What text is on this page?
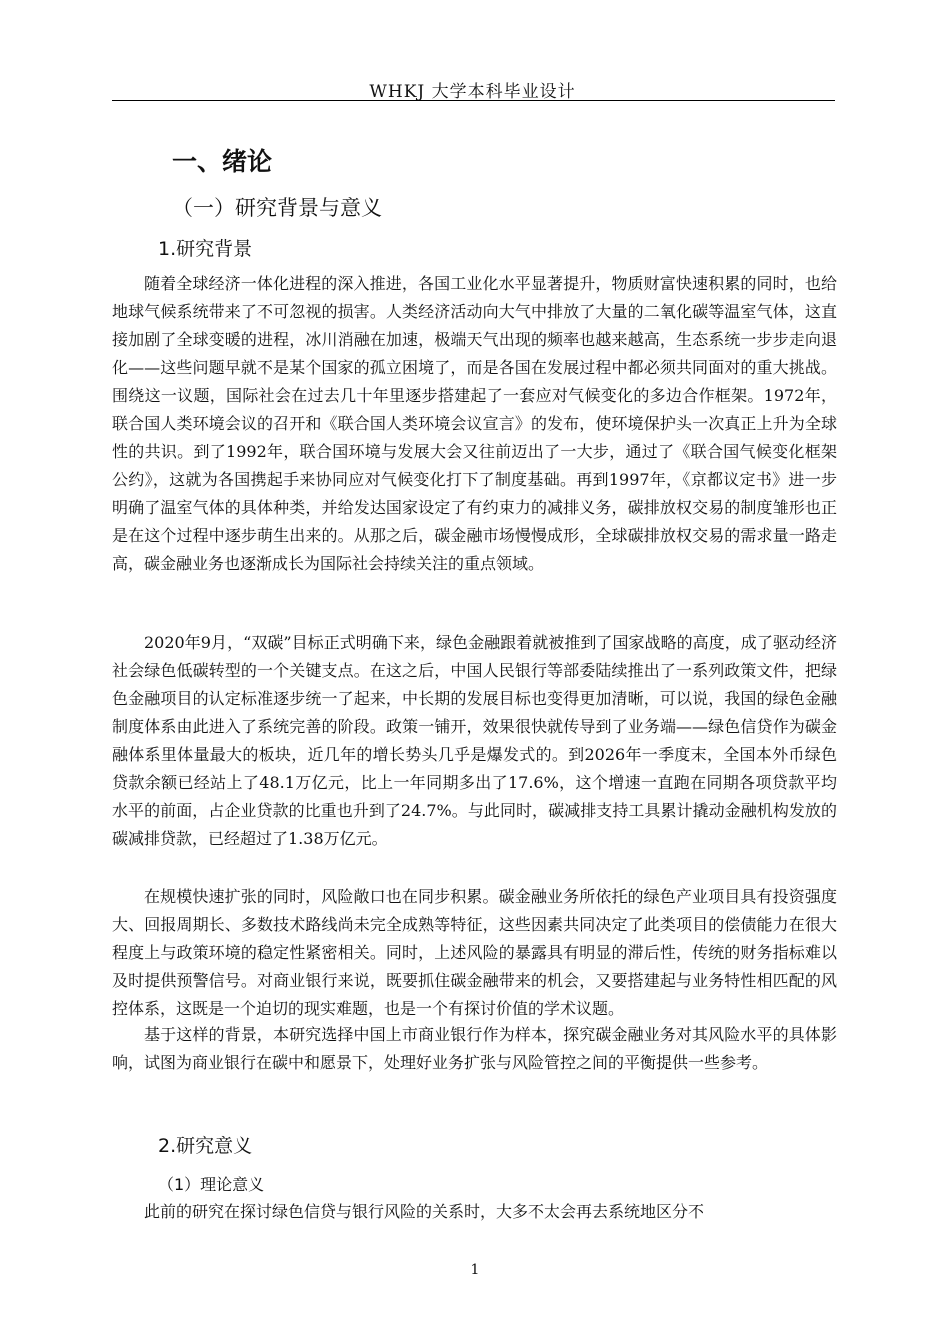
WHKJ 大学本科毕业设计
一、绪论
（一）研究背景与意义
1.研究背景

随着全球经济一体化进程的深入推进，各国工业化水平显著提升，物质财富快速积累的同时，也给地球气候系统带来了不可忽视的损害。人类经济活动向大气中排放了大量的二氧化碳等温室气体，这直接加剧了全球变暖的进程，冰川消融在加速，极端天气出现的频率也越来越高，生态系统一步步走向退化——这些问题早就不是某个国家的孤立困境了，而是各国在发展过程中都必须共同面对的重大挑战。围绕这一议题，国际社会在过去几十年里逐步搭建起了一套应对气候变化的多边合作框架。1972年，联合国人类环境会议的召开和《联合国人类环境会议宣言》的发布，使环境保护头一次真正上升为全球性的共识。到了1992年，联合国环境与发展大会又往前迈出了一大步，通过了《联合国气候变化框架公约》，这就为各国携起手来协同应对气候变化打下了制度基础。再到1997年，《京都议定书》进一步明确了温室气体的具体种类，并给发达国家设定了有约束力的减排义务，碳排放权交易的制度雏形也正是在这个过程中逐步萌生出来的。从那之后，碳金融市场慢慢成形，全球碳排放权交易的需求量一路走高，碳金融业务也逐渐成长为国际社会持续关注的重点领域。

2020年9月，“双碳”目标正式明确下来，绿色金融跟着就被推到了国家战略的高度，成了驱动经济社会绿色低碳转型的一个关键支点。在这之后，中国人民银行等部委陆续推出了一系列政策文件，把绿色金融项目的认定标准逐步统一了起来，中长期的发展目标也变得更加清晰，可以说，我国的绿色金融制度体系由此进入了系统完善的阶段。政策一铺开，效果很快就传导到了业务端——绿色信贷作为碳金融体系里体量最大的板块，近几年的增长势头几乎是爆发式的。到2026年一季度末，全国本外币绿色贷款余额已经站上了48.1万亿元，比上一年同期多出了17.6%，这个增速一直跑在同期各项贷款平均水平的前面，占企业贷款的比重也升到了24.7%。与此同时，碳减排支持工具累计撬动金融机构发放的碳减排贷款，已经超过了1.38万亿元。

在规模快速扩张的同时，风险敞口也在同步积累。碳金融业务所依托的绿色产业项目具有投资强度大、回报周期长、多数技术路线尚未完全成熟等特征，这些因素共同决定了此类项目的偿债能力在很大程度上与政策环境的稳定性紧密相关。同时，上述风险的暴露具有明显的滞后性，传统的财务指标难以及时提供预警信号。对商业银行来说，既要抓住碳金融带来的机会，又要搭建起与业务特性相匹配的风控体系，这既是一个迫切的现实难题，也是一个有探讨价值的学术议题。

基于这样的背景，本研究选择中国上市商业银行作为样本，探究碳金融业务对其风险水平的具体影响，试图为商业银行在碳中和愿景下，处理好业务扩张与风险管控之间的平衡提供一些参考。

2.研究意义
（1）理论意义

此前的研究在探讨绿色信贷与银行风险的关系时，大多不太会再去系统地区分不

1
